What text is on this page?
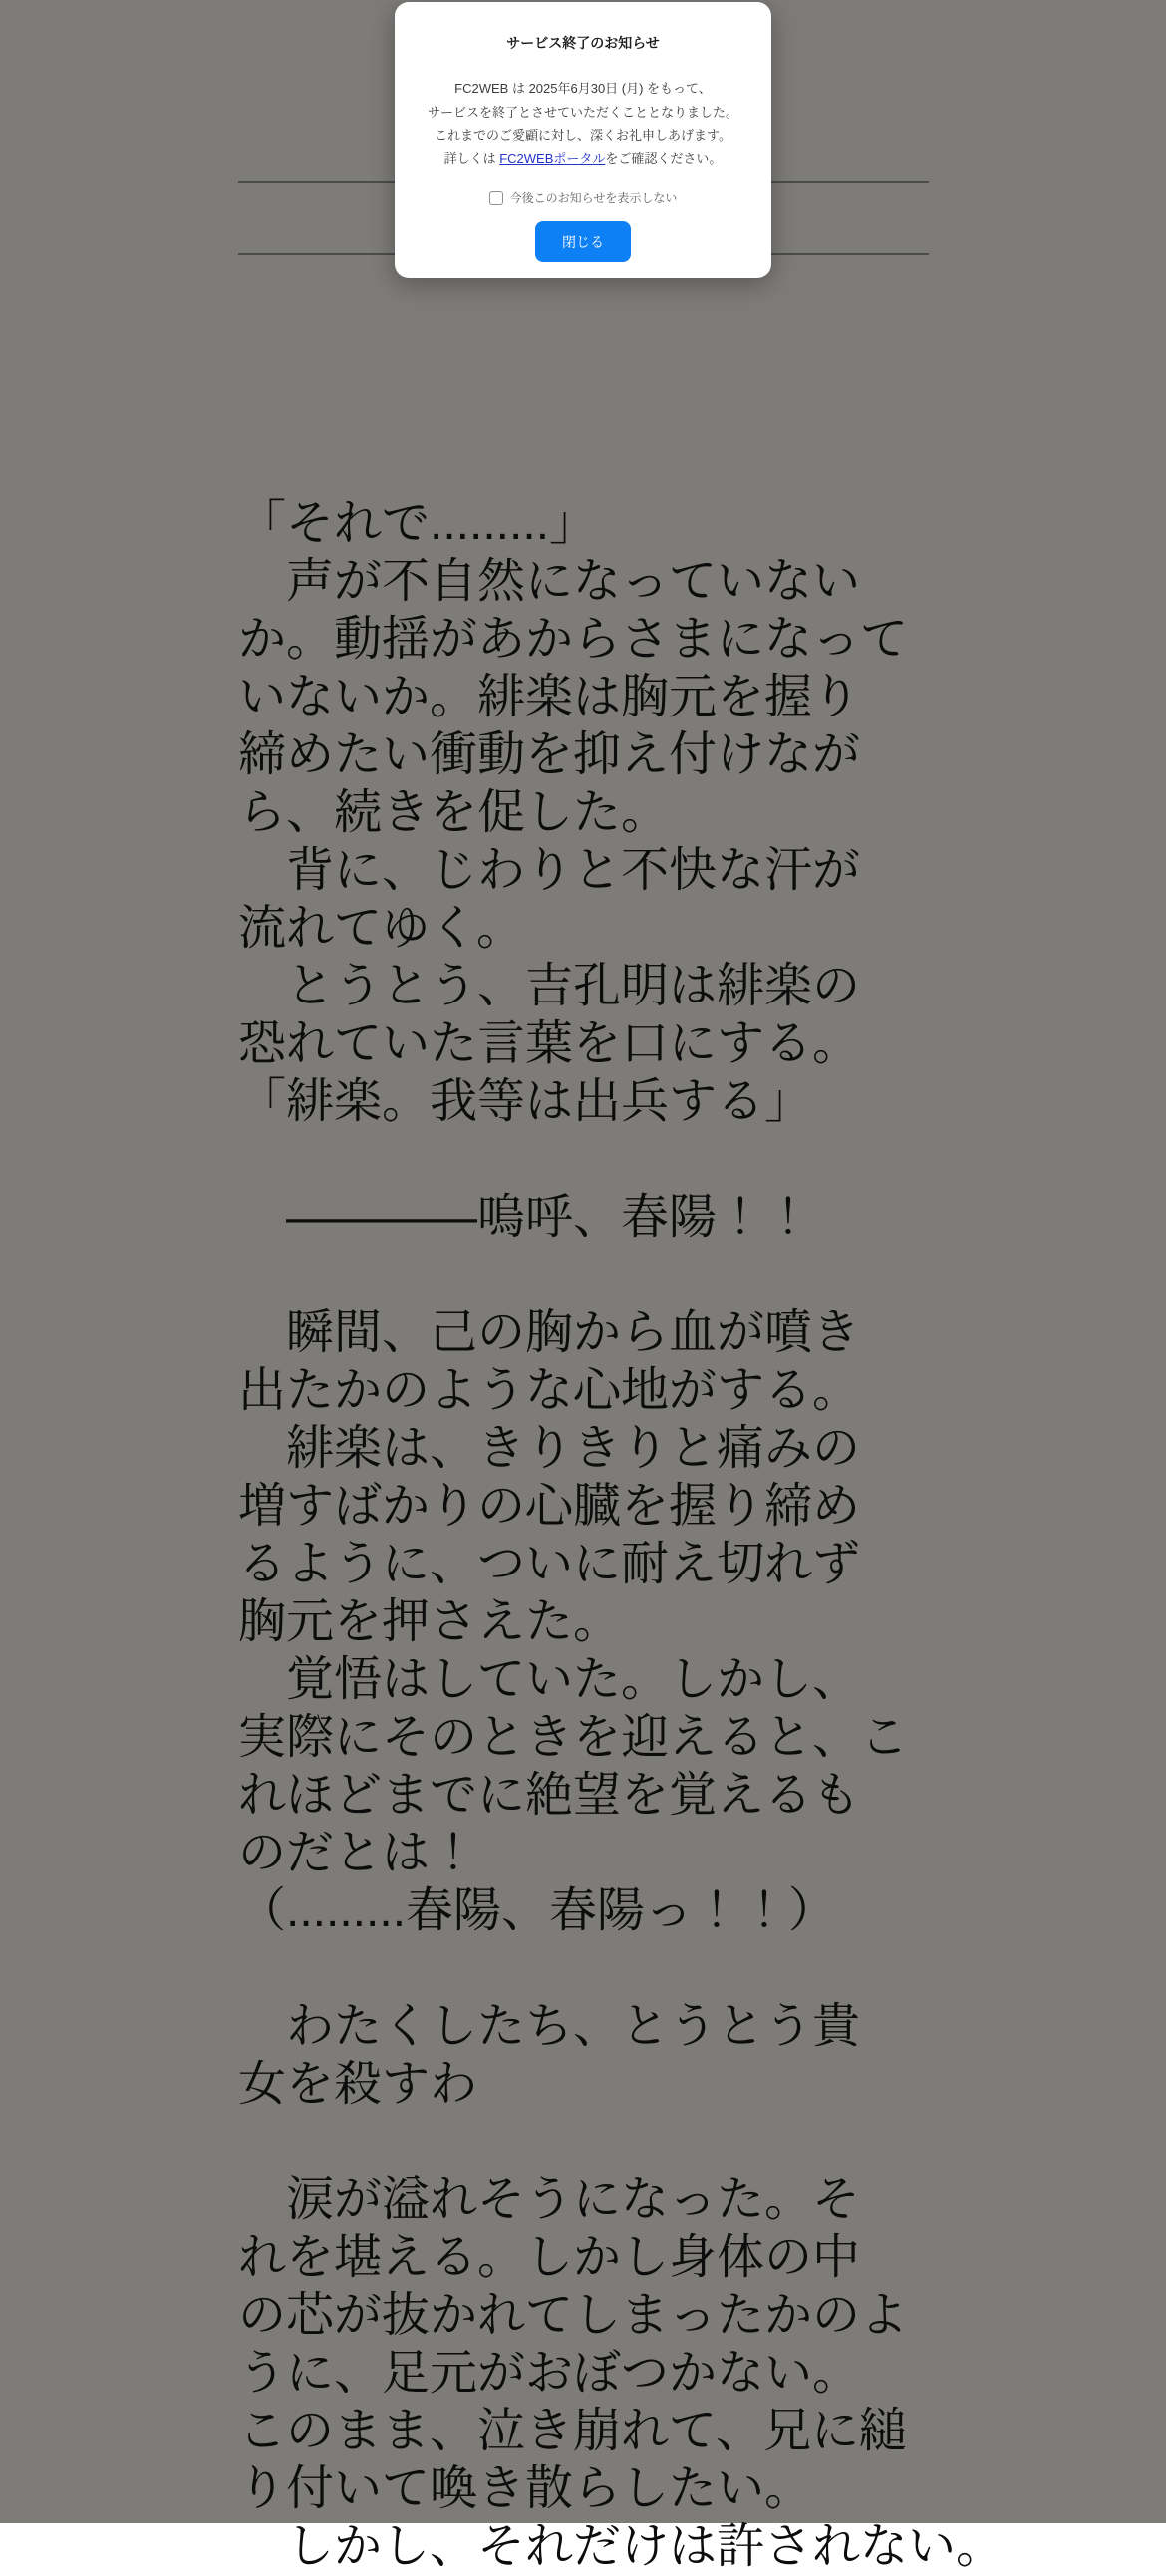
「それで.........」
　声が不自然になっていない
か。動揺があからさまになって
いないか。緋楽は胸元を握り
締めたい衝動を抑え付けなが
ら、続きを促した。
　背に、じわりと不快な汗が
流れてゆく。
　とうとう、吉孔明は緋楽の
恐れていた言葉を口にする。
「緋楽。我等は出兵する」

　――――嗚呼、春陽！！

　瞬間、己の胸から血が噴き
出たかのような心地がする。
　緋楽は、きりきりと痛みの
増すばかりの心臓を握り締め
るように、ついに耐え切れず
胸元を押さえた。
　覚悟はしていた。しかし、
実際にそのときを迎えると、こ
れほどまでに絶望を覚えるも
のだとは！
（.........春陽、春陽っ！！）

　わたくしたち、とうとう貴
女を殺すわ

　涙が溢れそうになった。そ
れを堪える。しかし身体の中
の芯が抜かれてしまったかのよ
うに、足元がおぼつかない。
このまま、泣き崩れて、兄に縋
り付いて喚き散らしたい。
　しかし、それだけは許されない。
サービス終了のお知らせ
FC2WEB は 2025年6月30日 (月) をもって、
サービスを終了とさせていただくこととなりました。
これまでのご愛顧に対し、深くお礼申しあげます。
詳しくは FC2WEBポータルをご確認ください。
今後このお知らせを表示しない
閉じる
